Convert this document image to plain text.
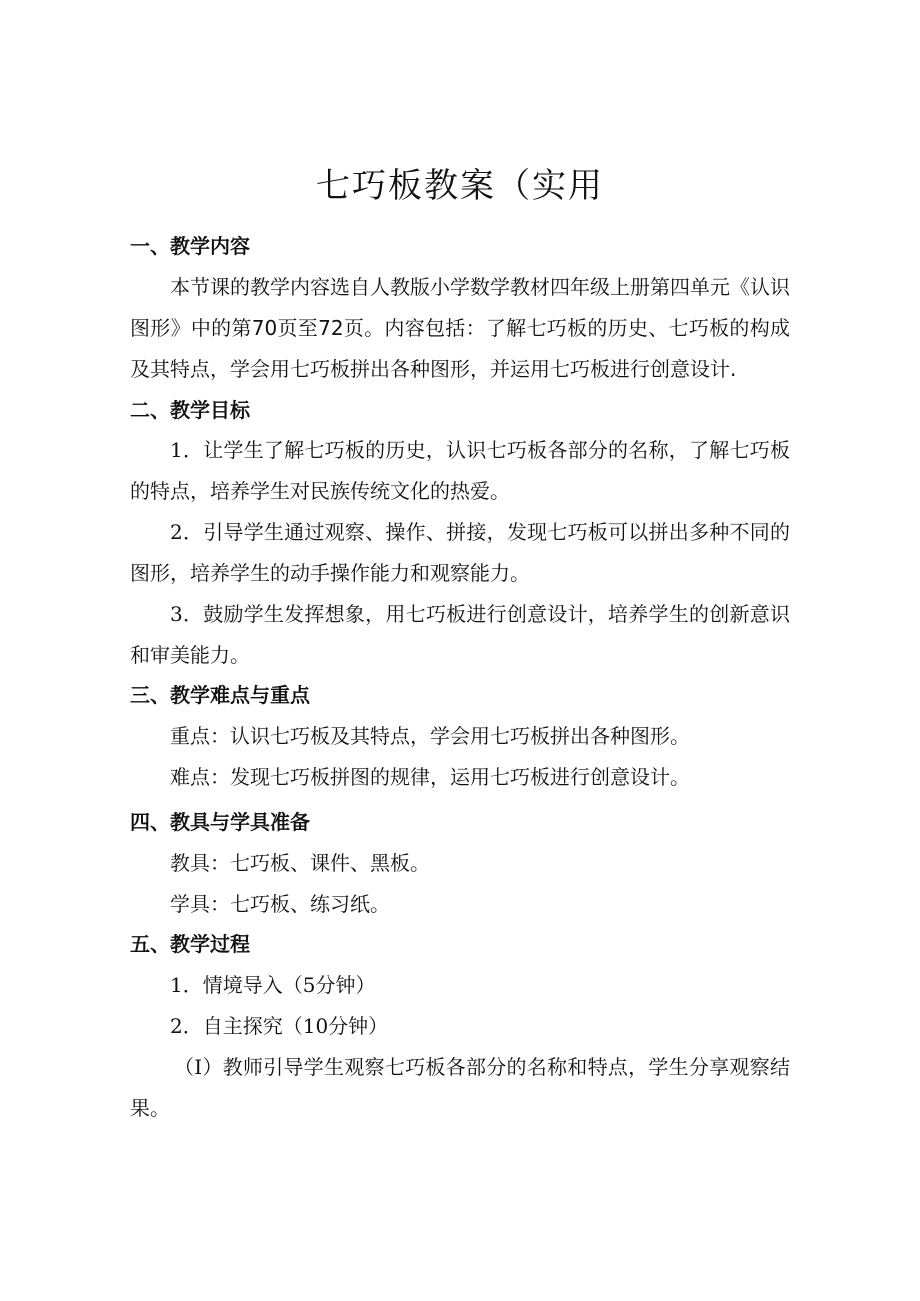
七巧板教案（实用

一、教学内容

本节课的教学内容选自人教版小学数学教材四年级上册第四单元《认识图形》中的第70页至72页。内容包括：了解七巧板的历史、七巧板的构成及其特点，学会用七巧板拼出各种图形，并运用七巧板进行创意设计.

二、教学目标

1．让学生了解七巧板的历史，认识七巧板各部分的名称，了解七巧板的特点，培养学生对民族传统文化的热爱。

2．引导学生通过观察、操作、拼接，发现七巧板可以拼出多种不同的图形，培养学生的动手操作能力和观察能力。

3．鼓励学生发挥想象，用七巧板进行创意设计，培养学生的创新意识和审美能力。

三、教学难点与重点

重点：认识七巧板及其特点，学会用七巧板拼出各种图形。

难点：发现七巧板拼图的规律，运用七巧板进行创意设计。

四、教具与学具准备

教具：七巧板、课件、黑板。

学具：七巧板、练习纸。

五、教学过程

1．情境导入（5分钟）

2．自主探究（10分钟）

（I）教师引导学生观察七巧板各部分的名称和特点，学生分享观察结果。
